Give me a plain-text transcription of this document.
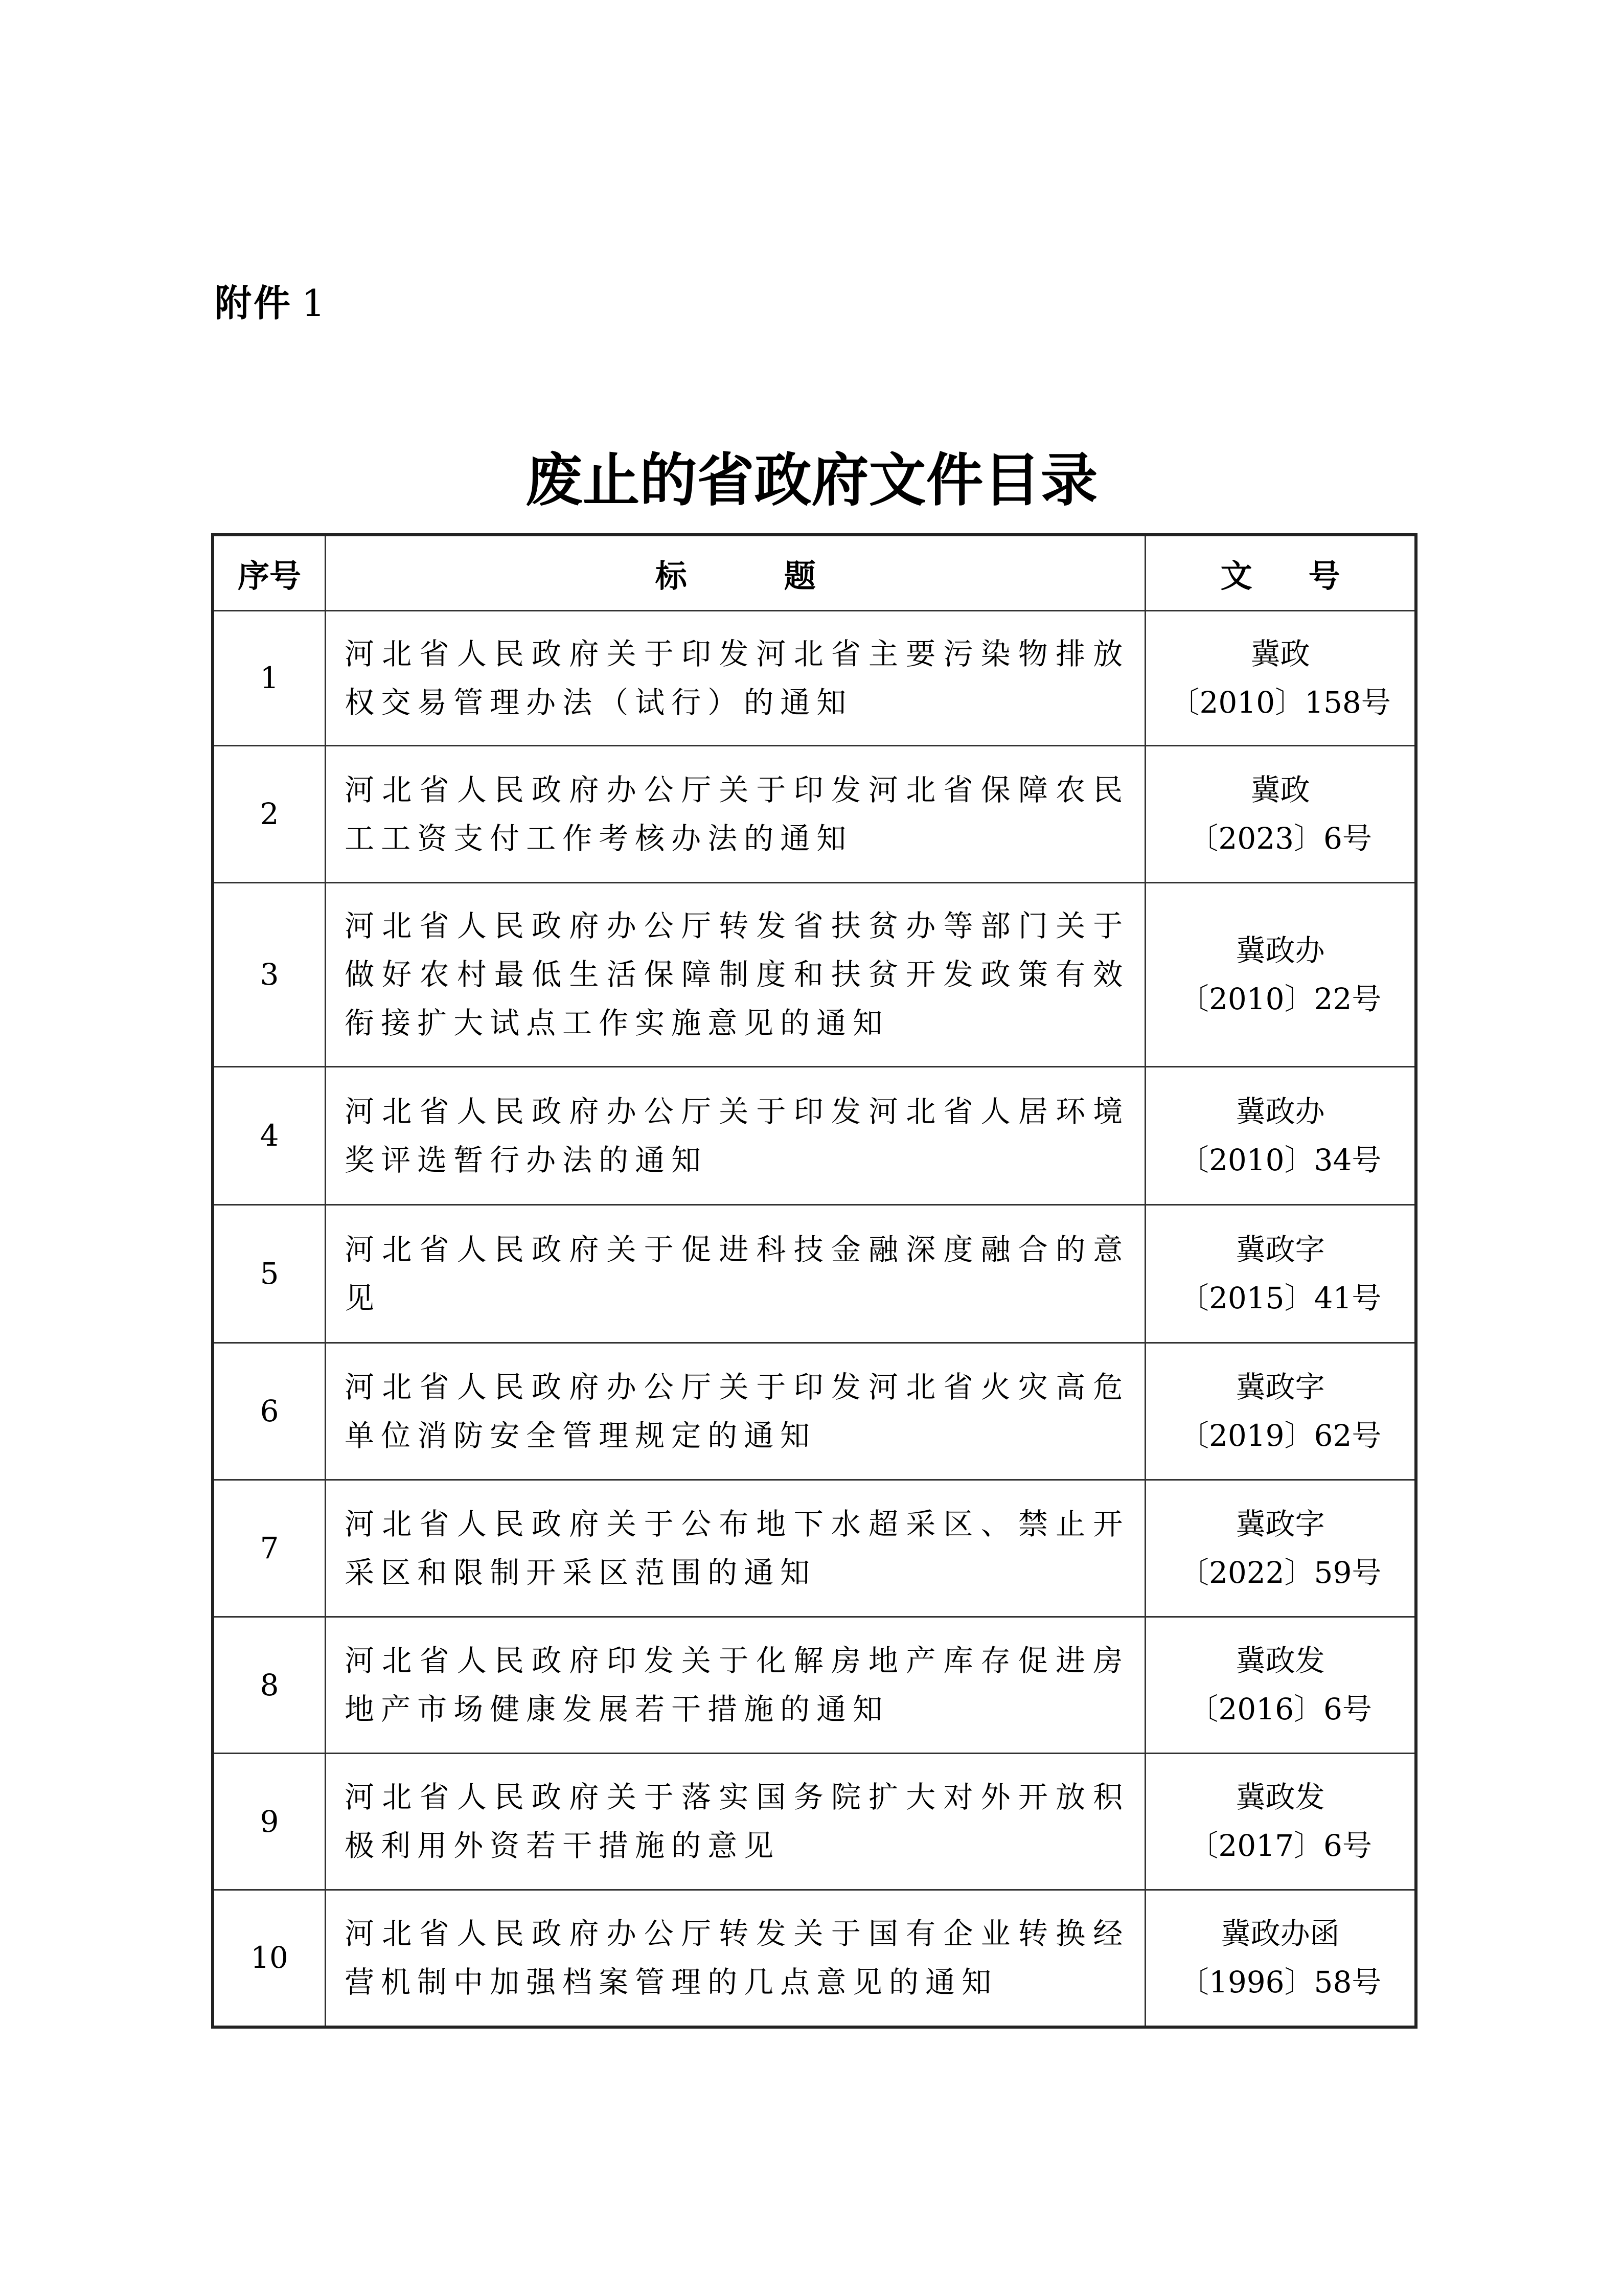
附件 1
废止的省政府文件目录
序号	标 题	文 号
1	河北省人民政府关于印发河北省主要污染物排放权交易管理办法（试行）的通知	冀政
〔2010〕158号

2	河北省人民政府办公厅关于印发河北省保障农民工工资支付工作考核办法的通知	冀政
〔2023〕6号

3	河北省人民政府办公厅转发省扶贫办等部门关于做好农村最低生活保障制度和扶贫开发政策有效衔接扩大试点工作实施意见的通知	冀政办
〔2010〕22号

4	河北省人民政府办公厅关于印发河北省人居环境奖评选暂行办法的通知	冀政办
〔2010〕34号

5	河北省人民政府关于促进科技金融深度融合的意见	冀政字
〔2015〕41号

6	河北省人民政府办公厅关于印发河北省火灾高危单位消防安全管理规定的通知	冀政字
〔2019〕62号

7	河北省人民政府关于公布地下水超采区、禁止开采区和限制开采区范围的通知	冀政字
〔2022〕59号

8	河北省人民政府印发关于化解房地产库存促进房地产市场健康发展若干措施的通知	冀政发
〔2016〕6号

9	河北省人民政府关于落实国务院扩大对外开放积极利用外资若干措施的意见	冀政发
〔2017〕6号

10	河北省人民政府办公厅转发关于国有企业转换经营机制中加强档案管理的几点意见的通知	冀政办函
〔1996〕58号
